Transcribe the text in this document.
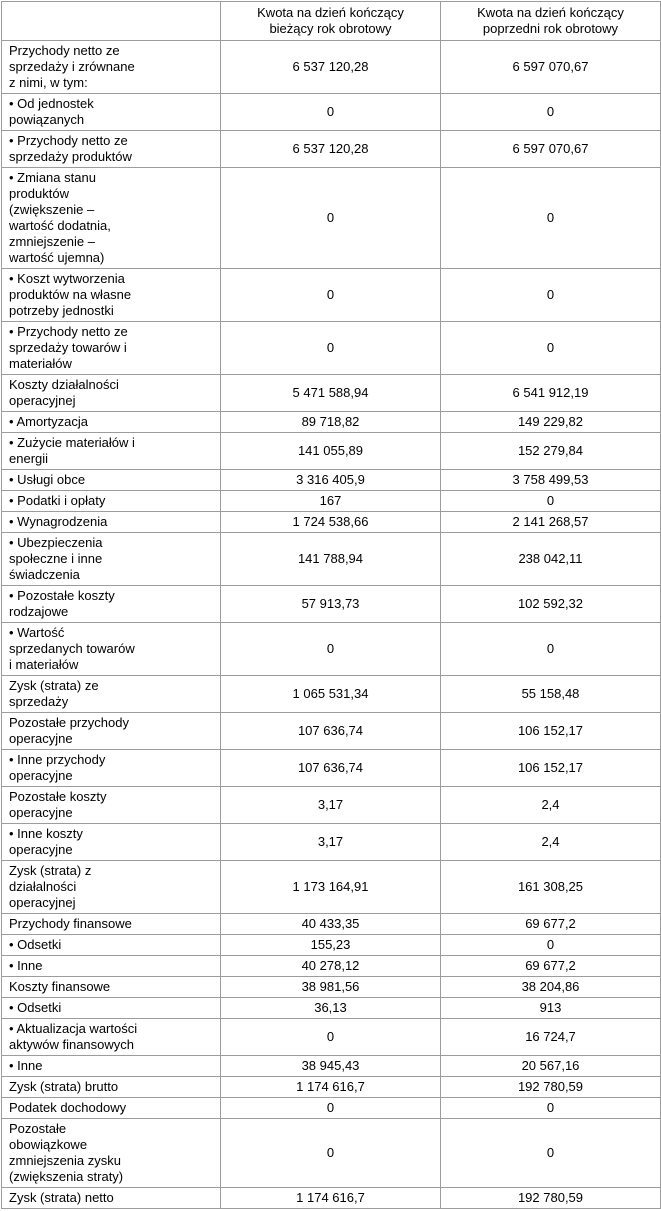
	Kwota na dzień kończący bieżący rok obrotowy	Kwota na dzień kończący poprzedni rok obrotowy

Przychody netto ze sprzedaży i zrównane z nimi, w tym:	6 537 120,28	6 597 070,67

• Od jednostek powiązanych	0	0

• Przychody netto ze sprzedaży produktów	6 537 120,28	6 597 070,67

• Zmiana stanu produktów (zwiększenie – wartość dodatnia, zmniejszenie – wartość ujemna)	0	0

• Koszt wytworzenia produktów na własne potrzeby jednostki	0	0

• Przychody netto ze sprzedaży towarów i materiałów	0	0

Koszty działalności operacyjnej	5 471 588,94	6 541 912,19

• Amortyzacja	89 718,82	149 229,82

• Zużycie materiałów i energii	141 055,89	152 279,84

• Usługi obce	3 316 405,9	3 758 499,53

• Podatki i opłaty	167	0

• Wynagrodzenia	1 724 538,66	2 141 268,57

• Ubezpieczenia społeczne i inne świadczenia	141 788,94	238 042,11

• Pozostałe koszty rodzajowe	57 913,73	102 592,32

• Wartość sprzedanych towarów i materiałów	0	0

Zysk (strata) ze sprzedaży	1 065 531,34	55 158,48

Pozostałe przychody operacyjne	107 636,74	106 152,17

• Inne przychody operacyjne	107 636,74	106 152,17

Pozostałe koszty operacyjne	3,17	2,4

• Inne koszty operacyjne	3,17	2,4

Zysk (strata) z działalności operacyjnej	1 173 164,91	161 308,25

Przychody finansowe	40 433,35	69 677,2

• Odsetki	155,23	0

• Inne	40 278,12	69 677,2

Koszty finansowe	38 981,56	38 204,86

• Odsetki	36,13	913

• Aktualizacja wartości aktywów finansowych	0	16 724,7

• Inne	38 945,43	20 567,16

Zysk (strata) brutto	1 174 616,7	192 780,59

Podatek dochodowy	0	0

Pozostałe obowiązkowe zmniejszenia zysku (zwiększenia straty)	0	0

Zysk (strata) netto	1 174 616,7	192 780,59
